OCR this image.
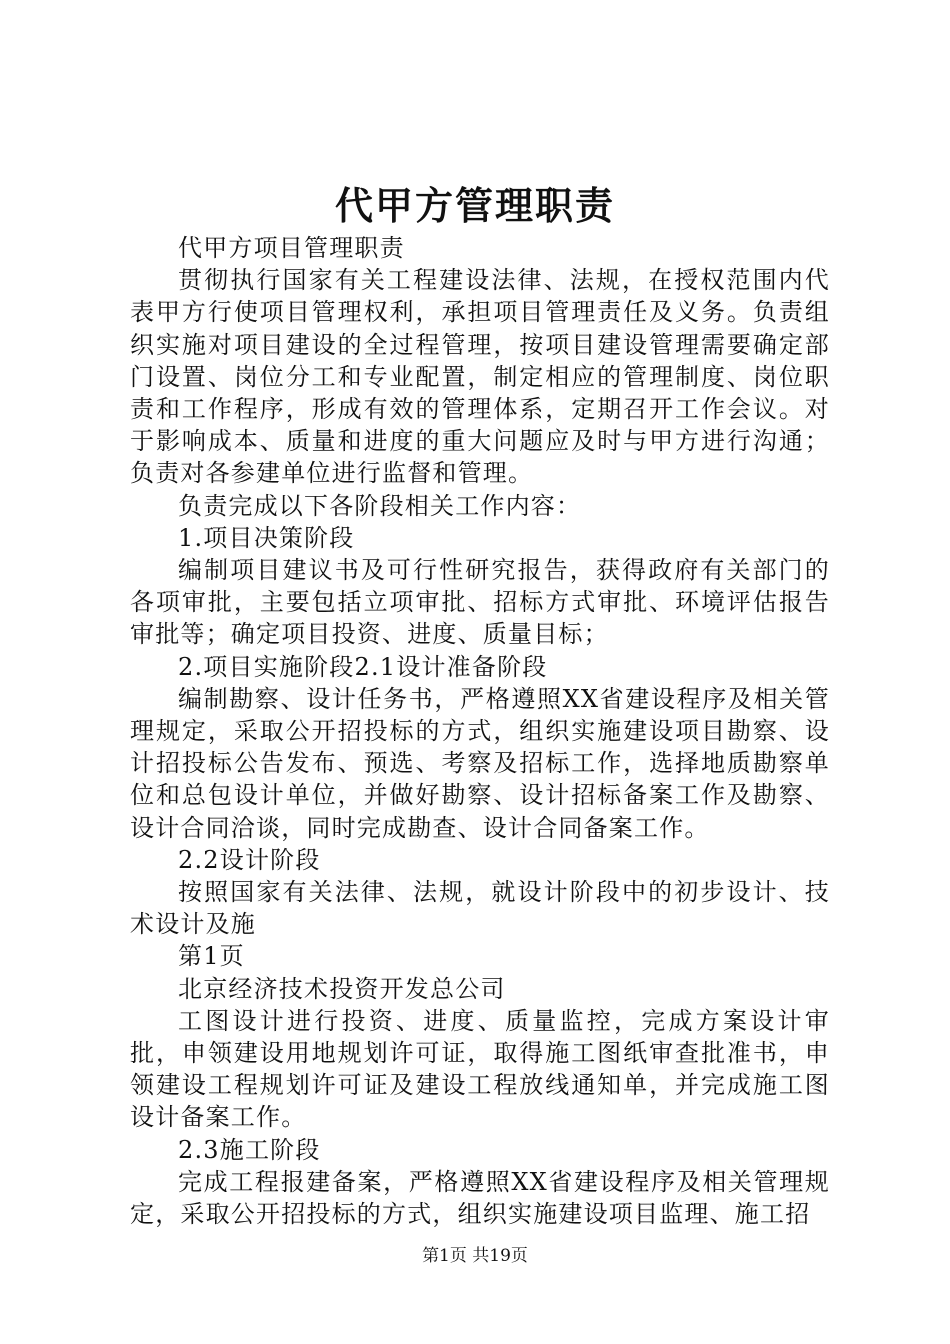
代甲方管理职责

代甲方项目管理职责

贯彻执行国家有关工程建设法律、法规，在授权范围内代表甲方行使项目管理权利，承担项目管理责任及义务。负责组织实施对项目建设的全过程管理，按项目建设管理需要确定部门设置、岗位分工和专业配置，制定相应的管理制度、岗位职责和工作程序，形成有效的管理体系，定期召开工作会议。对于影响成本、质量和进度的重大问题应及时与甲方进行沟通；负责对各参建单位进行监督和管理。

负责完成以下各阶段相关工作内容：

1.项目决策阶段

编制项目建议书及可行性研究报告，获得政府有关部门的各项审批，主要包括立项审批、招标方式审批、环境评估报告审批等；确定项目投资、进度、质量目标；

2.项目实施阶段2.1设计准备阶段

编制勘察、设计任务书，严格遵照XX省建设程序及相关管理规定，采取公开招投标的方式，组织实施建设项目勘察、设计招投标公告发布、预选、考察及招标工作，选择地质勘察单位和总包设计单位，并做好勘察、设计招标备案工作及勘察、设计合同洽谈，同时完成勘查、设计合同备案工作。

2.2设计阶段

按照国家有关法律、法规，就设计阶段中的初步设计、技术设计及施

第1页

北京经济技术投资开发总公司

工图设计进行投资、进度、质量监控，完成方案设计审批，申领建设用地规划许可证，取得施工图纸审查批准书，申领建设工程规划许可证及建设工程放线通知单，并完成施工图设计备案工作。

2.3施工阶段

完成工程报建备案，严格遵照XX省建设程序及相关管理规定，采取公开招投标的方式，组织实施建设项目监理、施工招

第1页 共19页
